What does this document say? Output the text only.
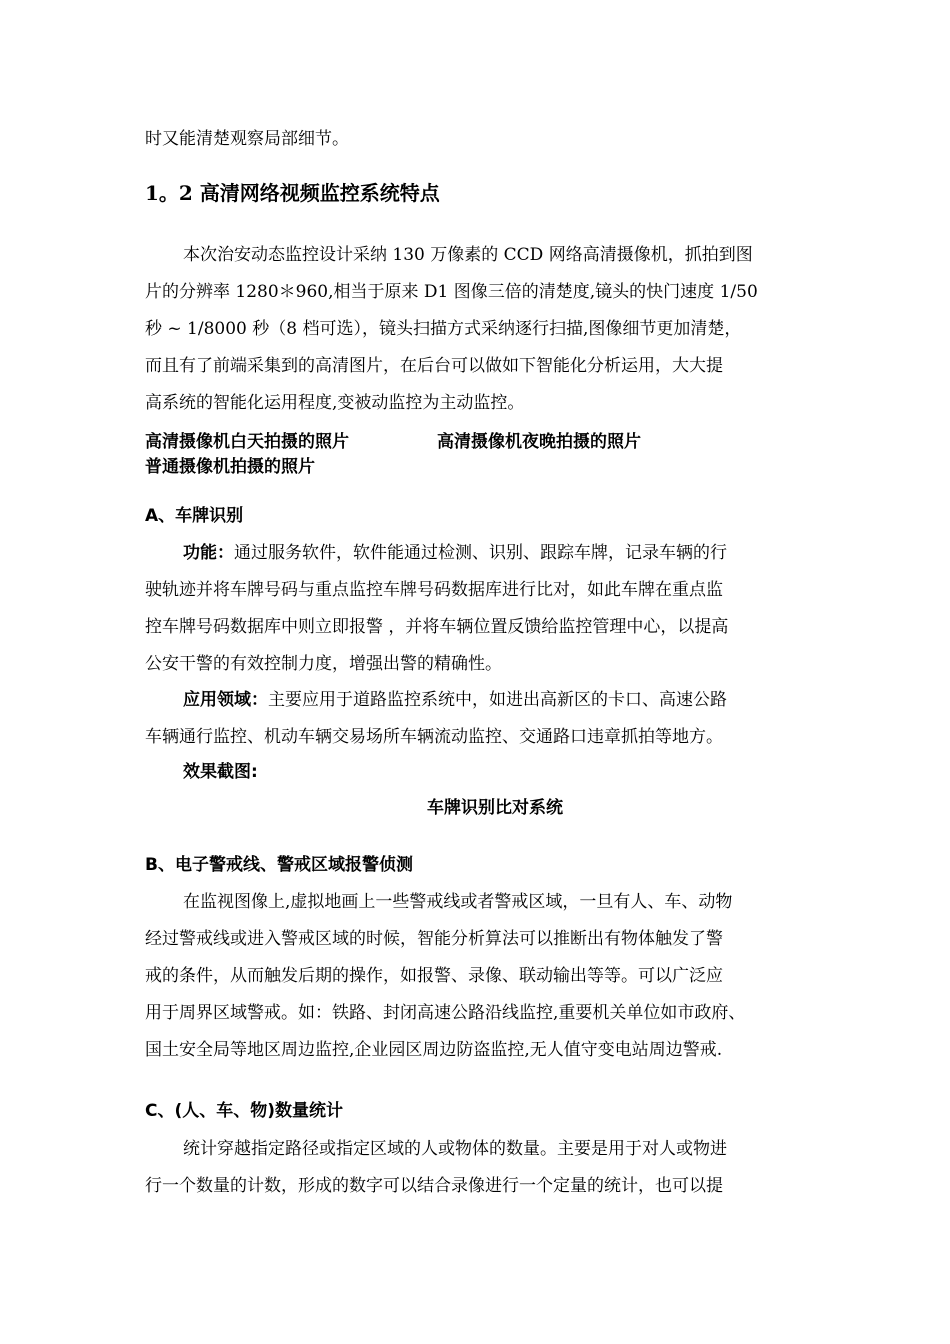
时又能清楚观察局部细节。
1。2 高清网络视频监控系统特点
本次治安动态监控设计采纳 130 万像素的 CCD 网络高清摄像机，抓拍到图
片的分辨率 1280＊960,相当于原来 D1 图像三倍的清楚度,镜头的快门速度 1/50
秒 ~ 1/8000 秒（8 档可选），镜头扫描方式采纳逐行扫描,图像细节更加清楚，
而且有了前端采集到的高清图片，在后台可以做如下智能化分析运用，大大提
高系统的智能化运用程度,变被动监控为主动监控。
高清摄像机白天拍摄的照片	高清摄像机夜晚拍摄的照片
普通摄像机拍摄的照片
A、车牌识别
功能：通过服务软件，软件能通过检测、识别、跟踪车牌，记录车辆的行
驶轨迹并将车牌号码与重点监控车牌号码数据库进行比对，如此车牌在重点监
控车牌号码数据库中则立即报警 ，并将车辆位置反馈给监控管理中心，以提高
公安干警的有效控制力度，增强出警的精确性。
应用领域：主要应用于道路监控系统中，如进出高新区的卡口、高速公路
车辆通行监控、机动车辆交易场所车辆流动监控、交通路口违章抓拍等地方。
效果截图:
车牌识别比对系统
B、电子警戒线、警戒区域报警侦测
在监视图像上,虚拟地画上一些警戒线或者警戒区域，一旦有人、车、动物
经过警戒线或进入警戒区域的时候，智能分析算法可以推断出有物体触发了警
戒的条件，从而触发后期的操作，如报警、录像、联动输出等等。可以广泛应
用于周界区域警戒。如：铁路、封闭高速公路沿线监控,重要机关单位如市政府、
国土安全局等地区周边监控,企业园区周边防盗监控,无人值守变电站周边警戒.
C、(人、车、物)数量统计
统计穿越指定路径或指定区域的人或物体的数量。主要是用于对人或物进
行一个数量的计数，形成的数字可以结合录像进行一个定量的统计，也可以提
